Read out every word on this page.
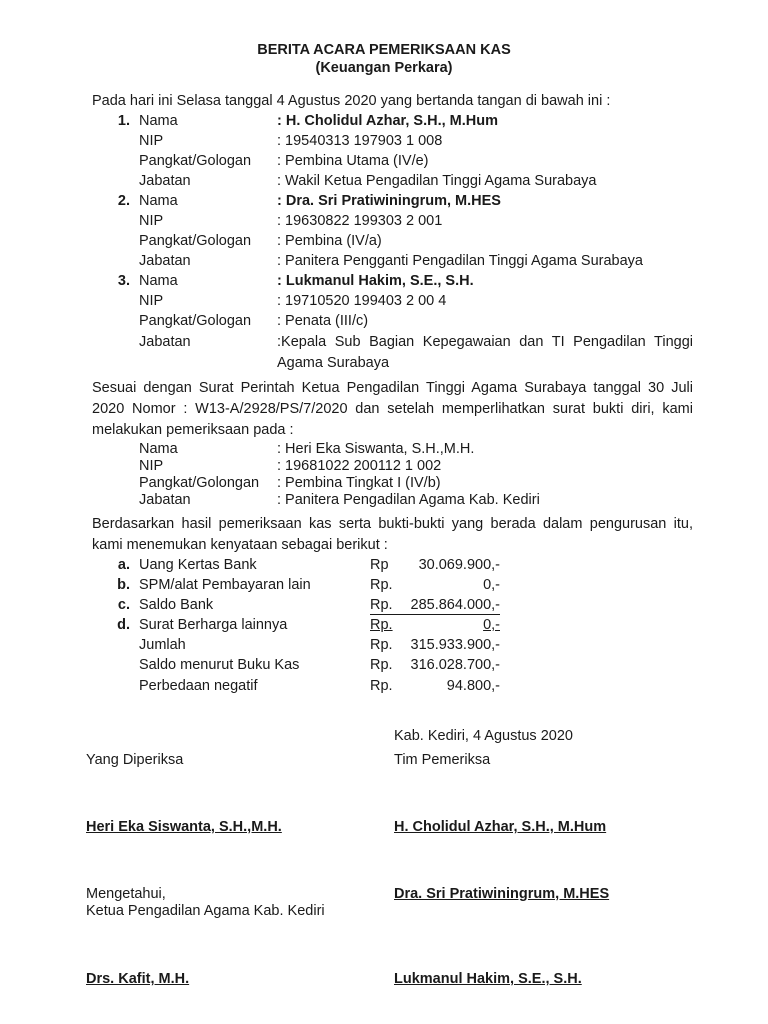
BERITA ACARA PEMERIKSAAN KAS
(Keuangan Perkara)
Pada hari ini Selasa tanggal 4 Agustus 2020 yang bertanda tangan di bawah ini :
1. Nama	: H. Cholidul Azhar, S.H., M.Hum
NIP	: 19540313 197903 1 008
Pangkat/Gologan : Pembina Utama (IV/e)
Jabatan	: Wakil Ketua Pengadilan Tinggi Agama Surabaya
2. Nama	: Dra. Sri Pratiwiningrum, M.HES
NIP	: 19630822 199303 2 001
Pangkat/Gologan : Pembina (IV/a)
Jabatan	: Panitera Pengganti Pengadilan Tinggi Agama Surabaya
3. Nama	: Lukmanul Hakim, S.E., S.H.
NIP	: 19710520 199403 2 00 4
Pangkat/Gologan : Penata (III/c)
Jabatan	:Kepala Sub Bagian Kepegawaian dan TI Pengadilan Tinggi Agama Surabaya
Sesuai dengan Surat Perintah Ketua Pengadilan Tinggi Agama Surabaya tanggal 30 Juli 2020 Nomor : W13-A/2928/PS/7/2020 dan setelah memperlihatkan surat bukti diri, kami melakukan pemeriksaan pada :
Nama	: Heri Eka Siswanta, S.H.,M.H.
NIP	: 19681022 200112 1 002
Pangkat/Golongan : Pembina Tingkat I (IV/b)
Jabatan	: Panitera Pengadilan Agama Kab. Kediri
Berdasarkan hasil pemeriksaan kas serta bukti-bukti yang berada dalam pengurusan itu, kami menemukan kenyataan sebagai berikut :
a. Uang Kertas Bank	Rp 30.069.900,-
b. SPM/alat Pembayaran lain	Rp.	0,-
c. Saldo Bank	Rp. 285.864.000,-
d. Surat Berharga lainnya	Rp.	0,-
Jumlah	Rp. 315.933.900,-
Saldo menurut Buku Kas	Rp. 316.028.700,-
Perbedaan negatif	Rp.	94.800,-
Kab. Kediri, 4 Agustus 2020
Yang Diperiksa	Tim Pemeriksa
Heri Eka Siswanta, S.H.,M.H.	H. Cholidul Azhar, S.H., M.Hum
Mengetahui,	Dra. Sri Pratiwiningrum, M.HES
Ketua Pengadilan Agama Kab. Kediri
Drs. Kafit, M.H.	Lukmanul Hakim, S.E., S.H.
